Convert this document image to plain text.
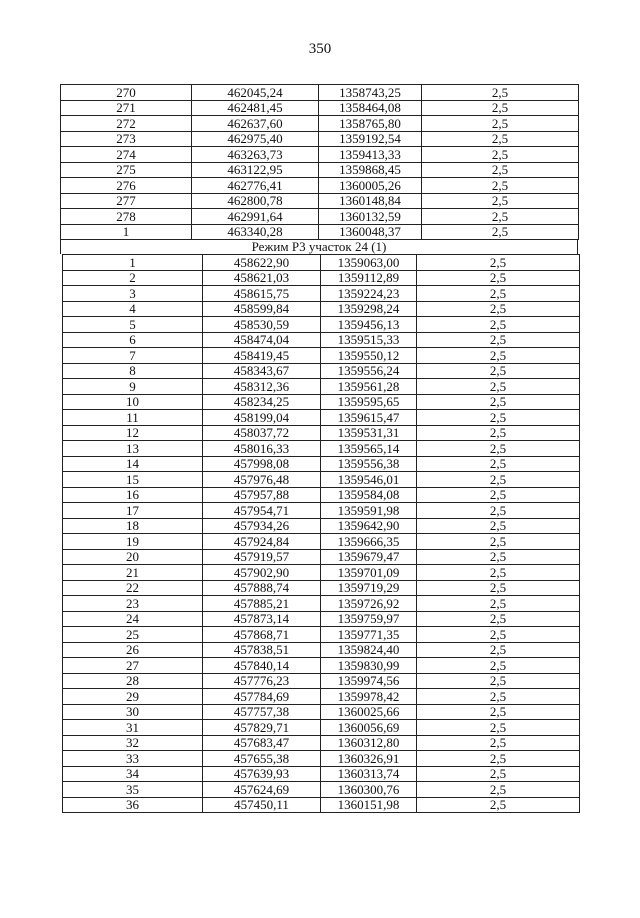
350
270	462045,24	1358743,25	2,5
271	462481,45	1358464,08	2,5
272	462637,60	1358765,80	2,5
273	462975,40	1359192,54	2,5
274	463263,73	1359413,33	2,5
275	463122,95	1359868,45	2,5
276	462776,41	1360005,26	2,5
277	462800,78	1360148,84	2,5
278	462991,64	1360132,59	2,5
1	463340,28	1360048,37	2,5
Режим Р3 участок 24 (1)
1	458622,90	1359063,00	2,5
2	458621,03	1359112,89	2,5
3	458615,75	1359224,23	2,5
4	458599,84	1359298,24	2,5
5	458530,59	1359456,13	2,5
6	458474,04	1359515,33	2,5
7	458419,45	1359550,12	2,5
8	458343,67	1359556,24	2,5
9	458312,36	1359561,28	2,5
10	458234,25	1359595,65	2,5
11	458199,04	1359615,47	2,5
12	458037,72	1359531,31	2,5
13	458016,33	1359565,14	2,5
14	457998,08	1359556,38	2,5
15	457976,48	1359546,01	2,5
16	457957,88	1359584,08	2,5
17	457954,71	1359591,98	2,5
18	457934,26	1359642,90	2,5
19	457924,84	1359666,35	2,5
20	457919,57	1359679,47	2,5
21	457902,90	1359701,09	2,5
22	457888,74	1359719,29	2,5
23	457885,21	1359726,92	2,5
24	457873,14	1359759,97	2,5
25	457868,71	1359771,35	2,5
26	457838,51	1359824,40	2,5
27	457840,14	1359830,99	2,5
28	457776,23	1359974,56	2,5
29	457784,69	1359978,42	2,5
30	457757,38	1360025,66	2,5
31	457829,71	1360056,69	2,5
32	457683,47	1360312,80	2,5
33	457655,38	1360326,91	2,5
34	457639,93	1360313,74	2,5
35	457624,69	1360300,76	2,5
36	457450,11	1360151,98	2,5
